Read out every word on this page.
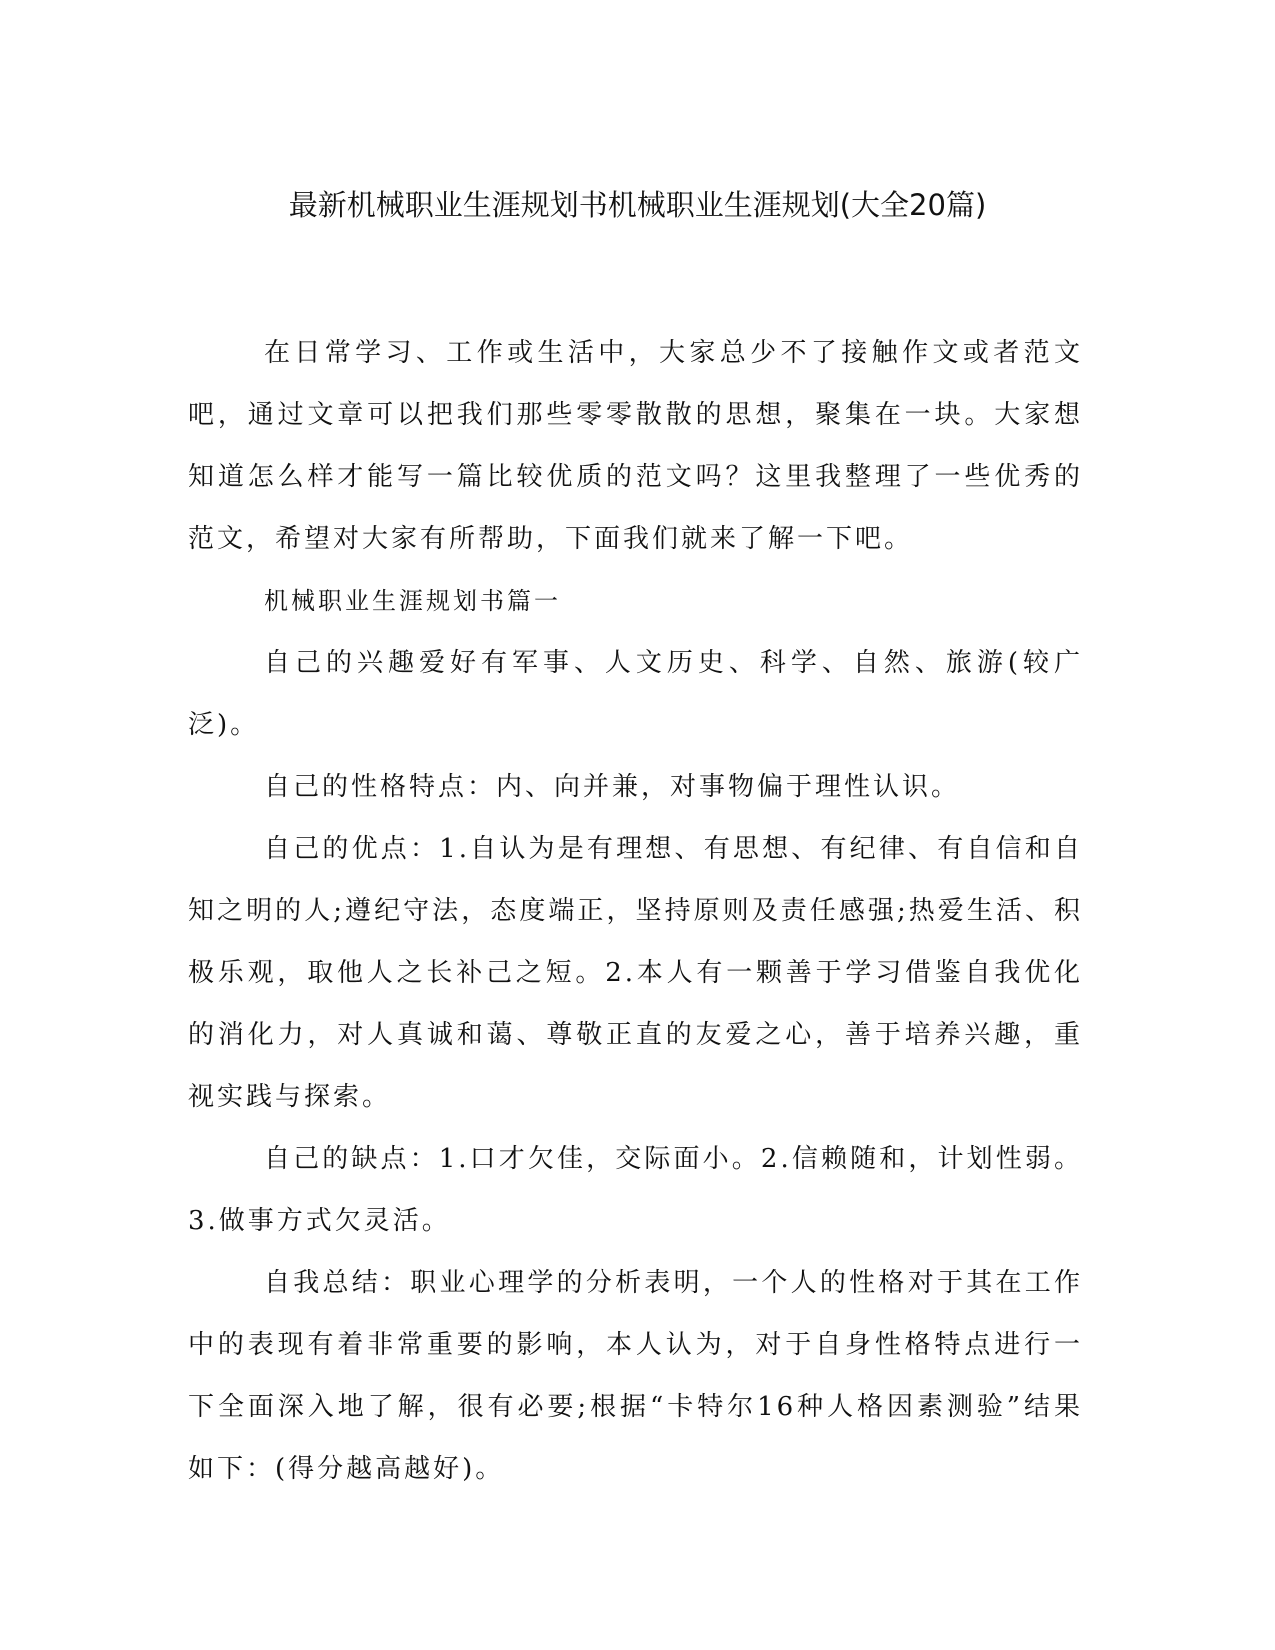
最新机械职业生涯规划书机械职业生涯规划(大全20篇)

在日常学习、工作或生活中，大家总少不了接触作文或者范文吧，通过文章可以把我们那些零零散散的思想，聚集在一块。大家想知道怎么样才能写一篇比较优质的范文吗？这里我整理了一些优秀的范文，希望对大家有所帮助，下面我们就来了解一下吧。

机械职业生涯规划书篇一

自己的兴趣爱好有军事、人文历史、科学、自然、旅游(较广泛)。

自己的性格特点：内、向并兼，对事物偏于理性认识。

自己的优点：1.自认为是有理想、有思想、有纪律、有自信和自知之明的人;遵纪守法，态度端正，坚持原则及责任感强;热爱生活、积极乐观，取他人之长补己之短。2.本人有一颗善于学习借鉴自我优化的消化力，对人真诚和蔼、尊敬正直的友爱之心，善于培养兴趣，重视实践与探索。

自己的缺点：1.口才欠佳，交际面小。2.信赖随和，计划性弱。3.做事方式欠灵活。

自我总结：职业心理学的分析表明，一个人的性格对于其在工作中的表现有着非常重要的影响，本人认为，对于自身性格特点进行一下全面深入地了解，很有必要;根据“卡特尔16种人格因素测验”结果如下：(得分越高越好)。
